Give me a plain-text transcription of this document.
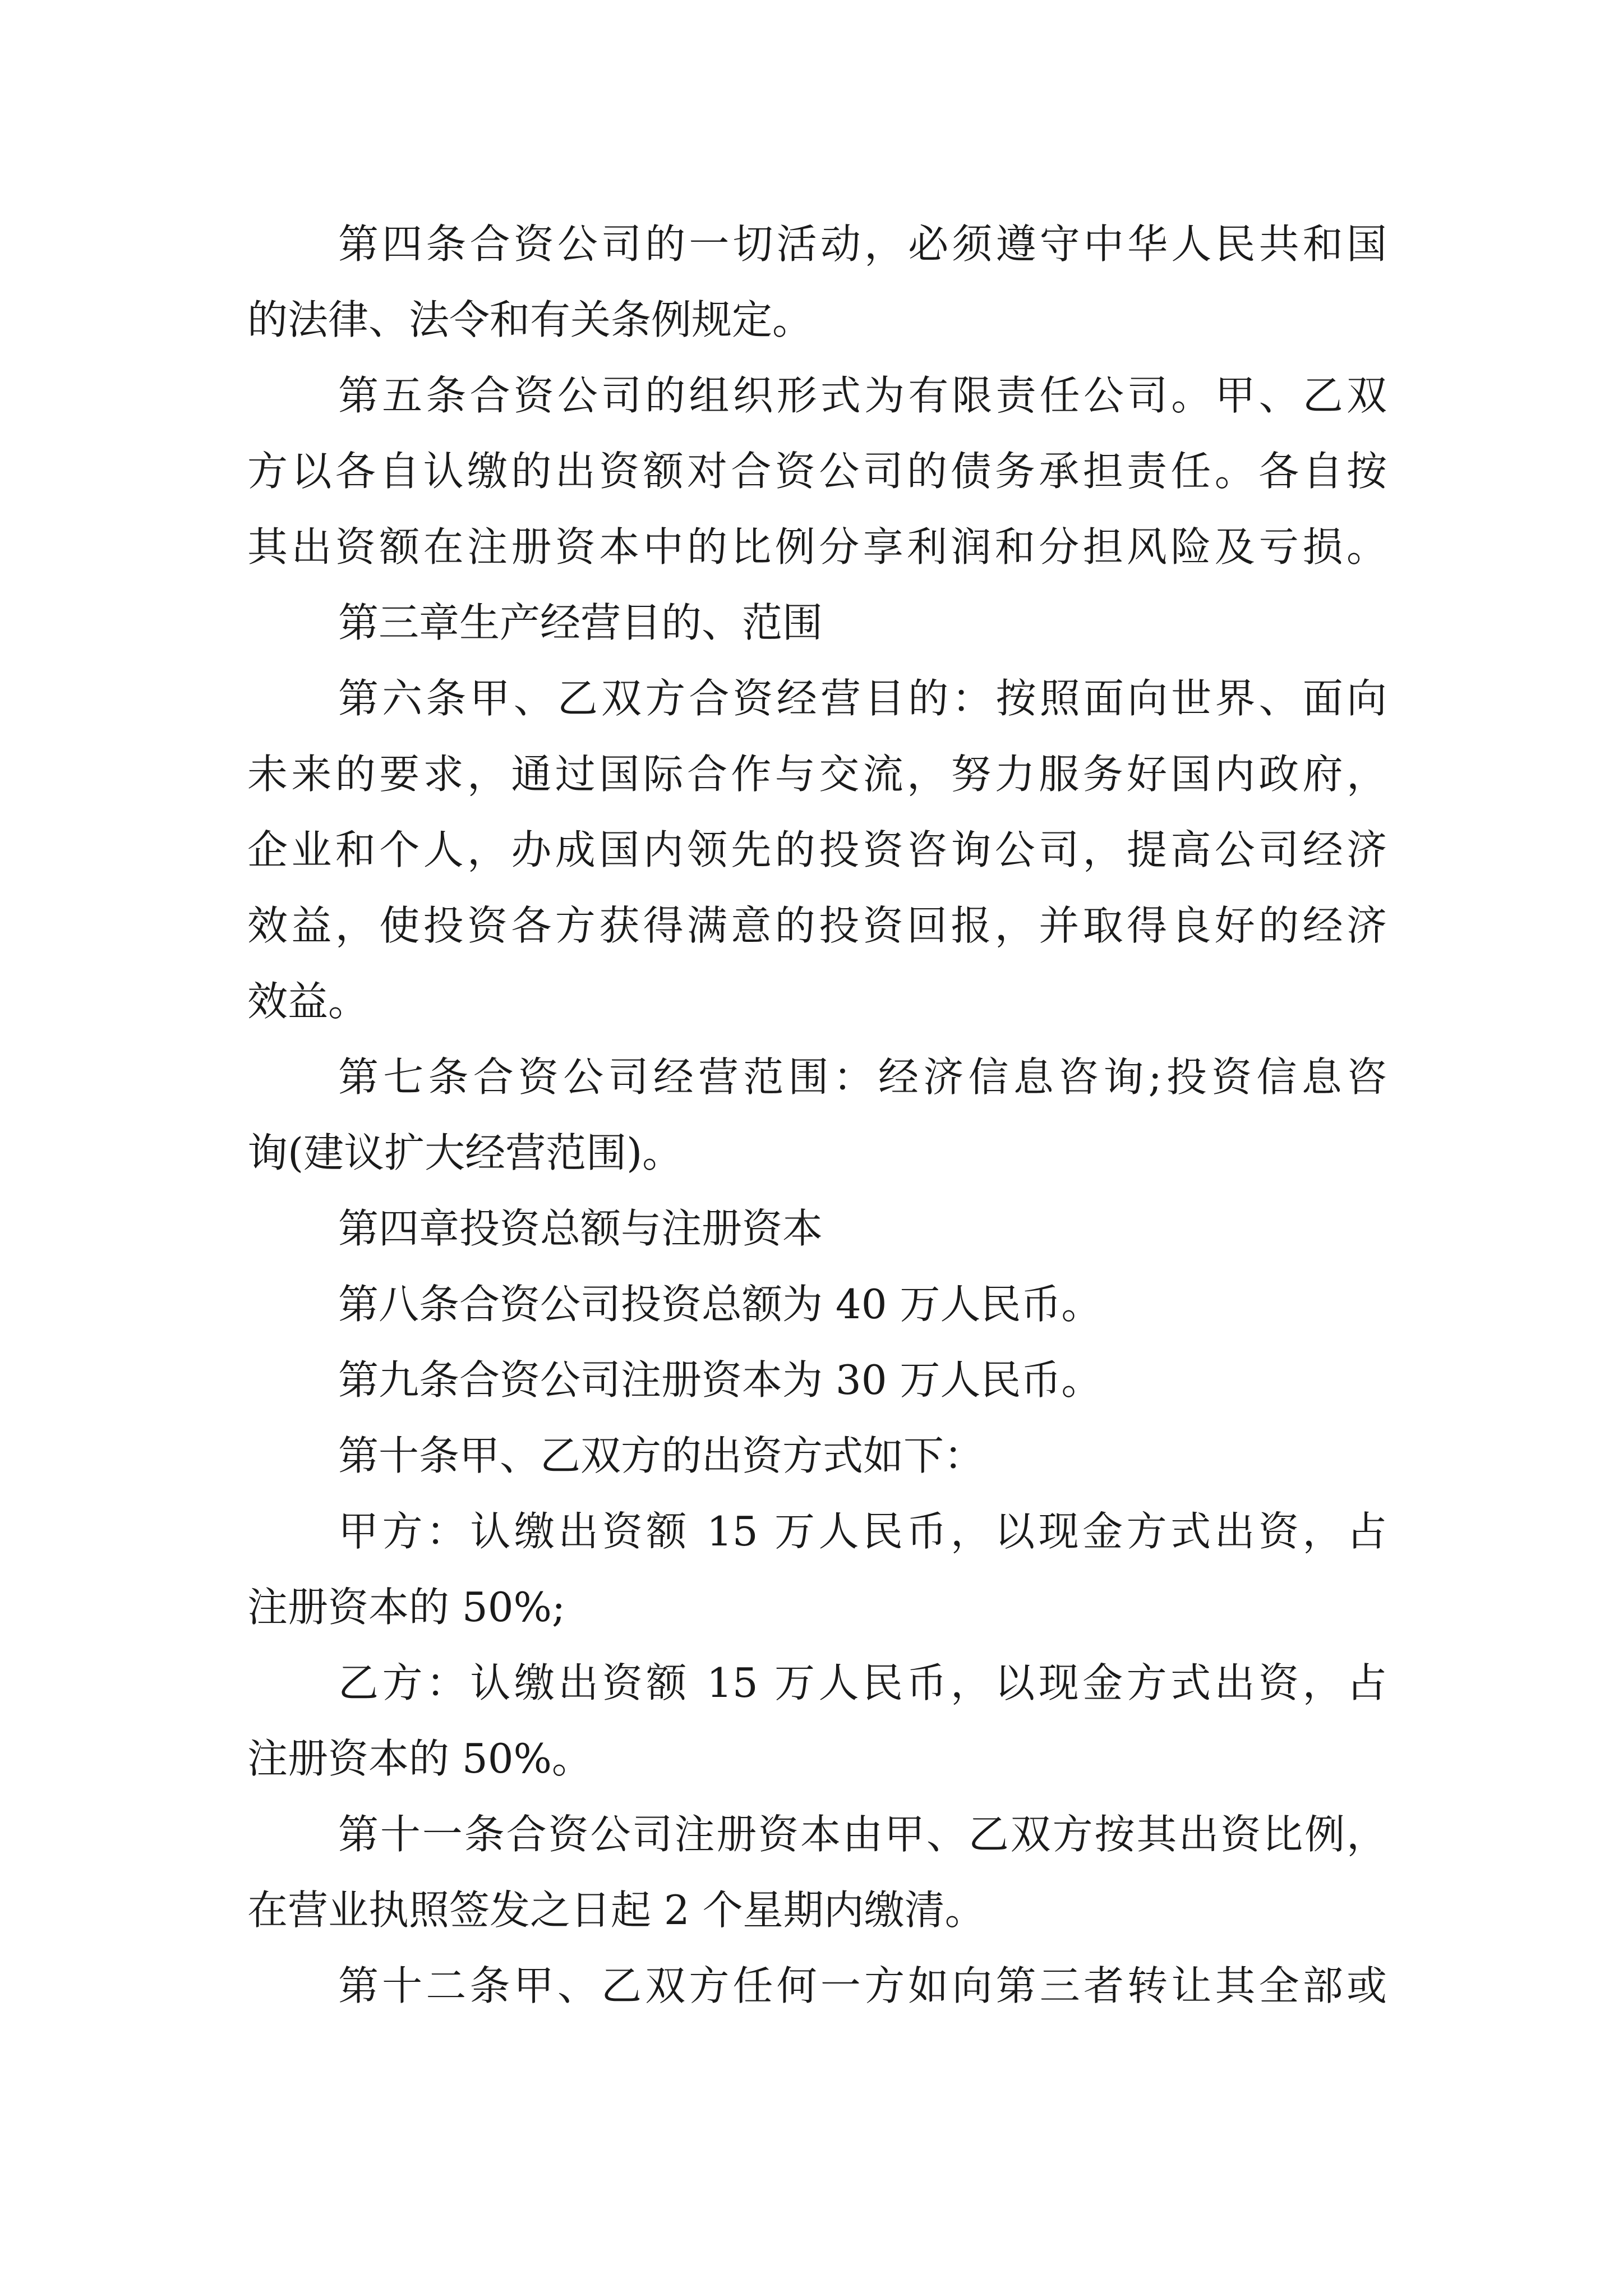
第四条合资公司的一切活动，必须遵守中华人民共和国
的法律、法令和有关条例规定。
第五条合资公司的组织形式为有限责任公司。甲、乙双
方以各自认缴的出资额对合资公司的债务承担责任。各自按
其出资额在注册资本中的比例分享利润和分担风险及亏损。
第三章生产经营目的、范围
第六条甲、乙双方合资经营目的：按照面向世界、面向
未来的要求，通过国际合作与交流，努力服务好国内政府，
企业和个人，办成国内领先的投资咨询公司，提高公司经济
效益，使投资各方获得满意的投资回报，并取得良好的经济
效益。
第七条合资公司经营范围：经济信息咨询;投资信息咨
询(建议扩大经营范围)。
第四章投资总额与注册资本
第八条合资公司投资总额为 40 万人民币。
第九条合资公司注册资本为 30 万人民币。
第十条甲、乙双方的出资方式如下：
甲方：认缴出资额 15 万人民币，以现金方式出资，占
注册资本的 50%;
乙方：认缴出资额 15 万人民币，以现金方式出资，占
注册资本的 50%。
第十一条合资公司注册资本由甲、乙双方按其出资比例，
在营业执照签发之日起 2 个星期内缴清。
第十二条甲、乙双方任何一方如向第三者转让其全部或
